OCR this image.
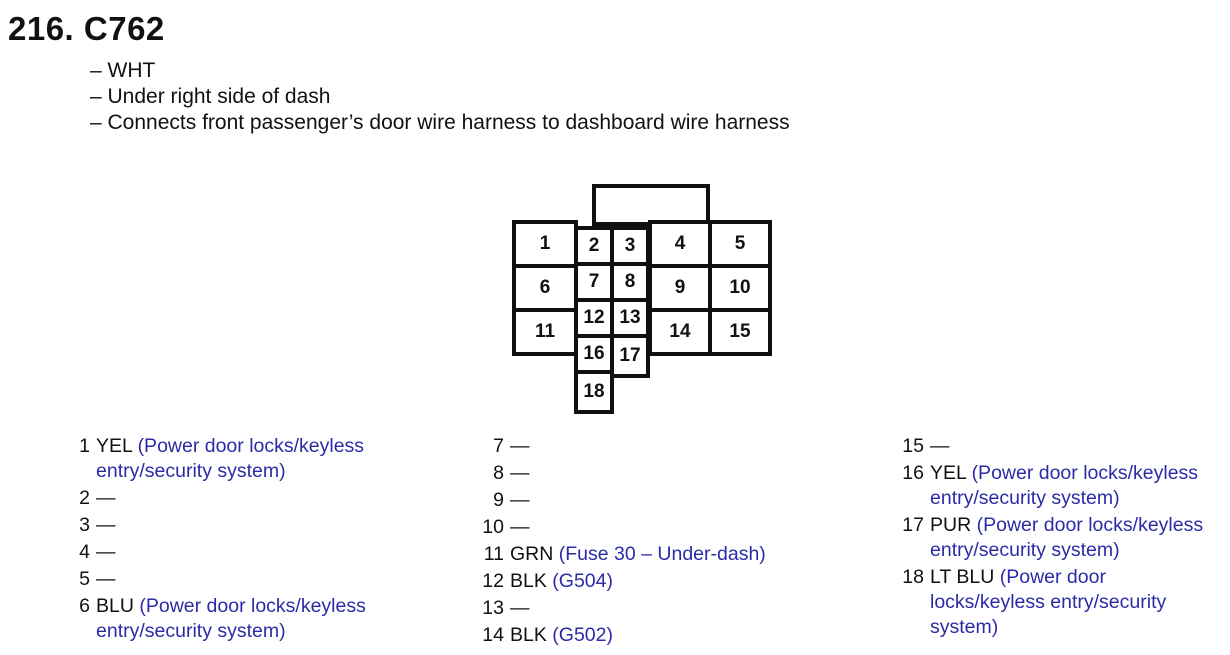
216. C762
– WHT
– Under right side of dash
– Connects front passenger’s door wire harness to dashboard wire harness
1	2	3	4	5
6	7	8	9	10
11
12 13
14	15
16 17
18
1 YEL (Power door locks/keyless entry/security system)
2 —
3 —
4 —
5 —
6 BLU (Power door locks/keyless entry/security system)
7 —
8 —
9 —
10 —
11 GRN (Fuse 30 – Under-dash)
12 BLK (G504)
13 —
14 BLK (G502)
15 —
16 YEL (Power door locks/keyless entry/security system)
17 PUR (Power door locks/keyless entry/security system)
18 LT BLU (Power door locks/keyless entry/security system)
